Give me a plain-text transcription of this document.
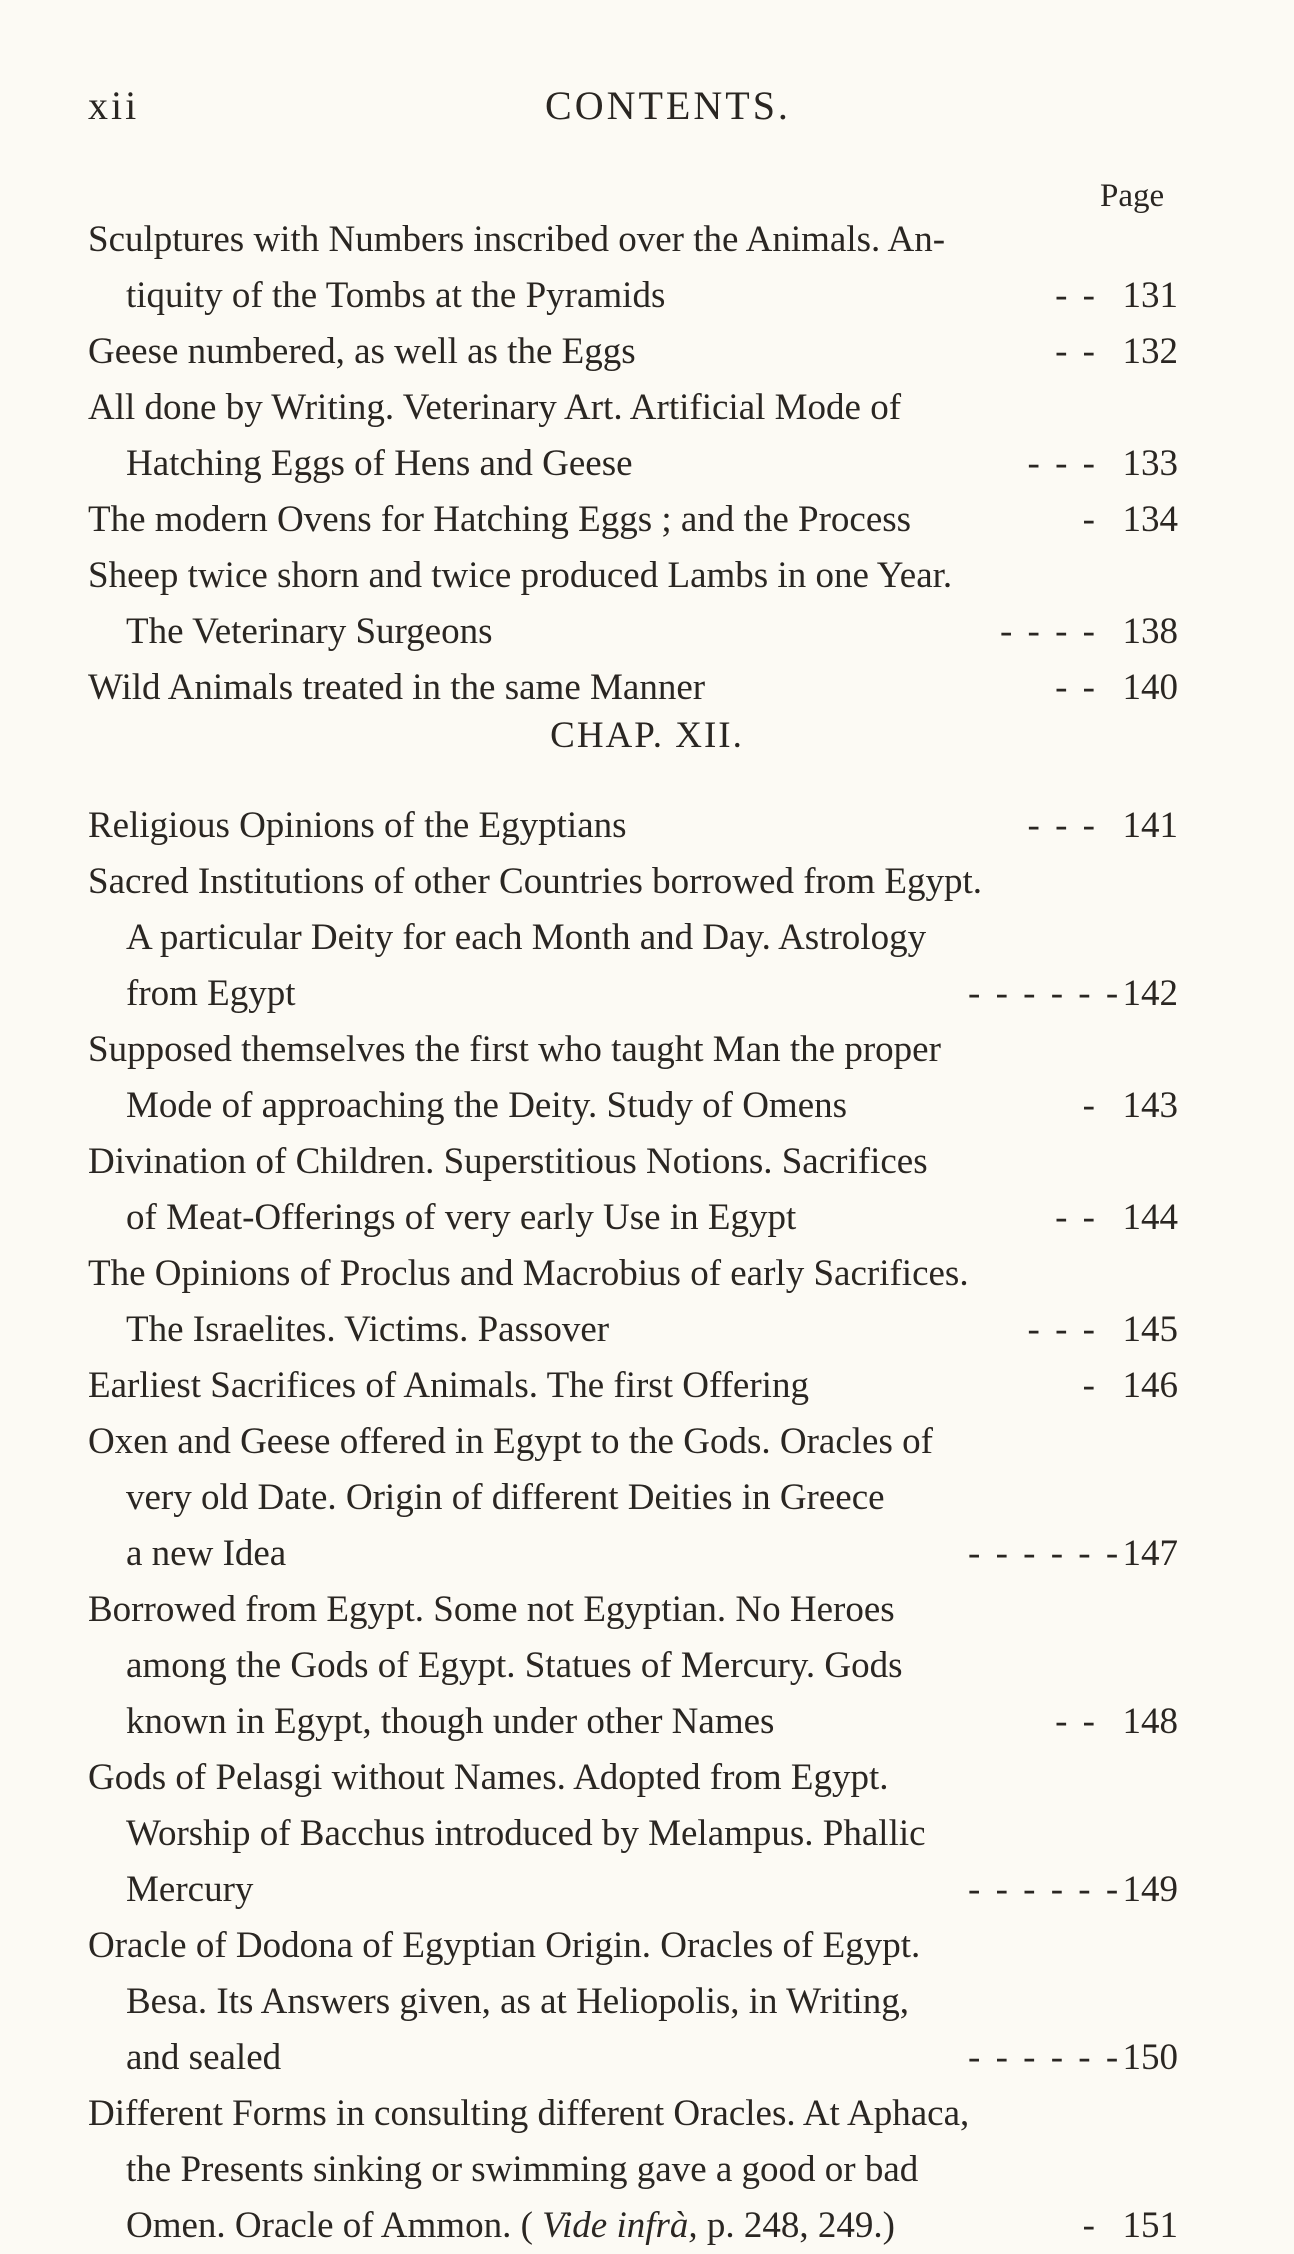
xii	CONTENTS.
Page
Sculptures with Numbers inscribed over the Animals. An-
tiquity of the Tombs at the Pyramids	- - 131
Geese numbered, as well as the Eggs	- - 132
All done by Writing. Veterinary Art. Artificial Mode of
Hatching Eggs of Hens and Geese	- - - 133
The modern Ovens for Hatching Eggs ; and the Process	- 134
Sheep twice shorn and twice produced Lambs in one Year.
The Veterinary Surgeons	- - - - 138
Wild Animals treated in the same Manner	- - 140
CHAP. XII.
Religious Opinions of the Egyptians	- - - 141
Sacred Institutions of other Countries borrowed from Egypt.
A particular Deity for each Month and Day. Astrology
from Egypt	- - - - - - 142
Supposed themselves the first who taught Man the proper
Mode of approaching the Deity. Study of Omens	- 143
Divination of Children. Superstitious Notions. Sacrifices
of Meat-Offerings of very early Use in Egypt	- - 144
The Opinions of Proclus and Macrobius of early Sacrifices.
The Israelites. Victims. Passover	- - - 145
Earliest Sacrifices of Animals. The first Offering	- 146
Oxen and Geese offered in Egypt to the Gods. Oracles of
very old Date. Origin of different Deities in Greece
a new Idea	- - - - - - 147
Borrowed from Egypt. Some not Egyptian. No Heroes
among the Gods of Egypt. Statues of Mercury. Gods
known in Egypt, though under other Names	- - 148
Gods of Pelasgi without Names. Adopted from Egypt.
Worship of Bacchus introduced by Melampus. Phallic
Mercury	- - - - - - 149
Oracle of Dodona of Egyptian Origin. Oracles of Egypt.
Besa. Its Answers given, as at Heliopolis, in Writing,
and sealed	- - - - - - 150
Different Forms in consulting different Oracles. At Aphaca,
the Presents sinking or swimming gave a good or bad
Omen. Oracle of Ammon. ( Vide infrà, p. 248, 249.)	- 151
